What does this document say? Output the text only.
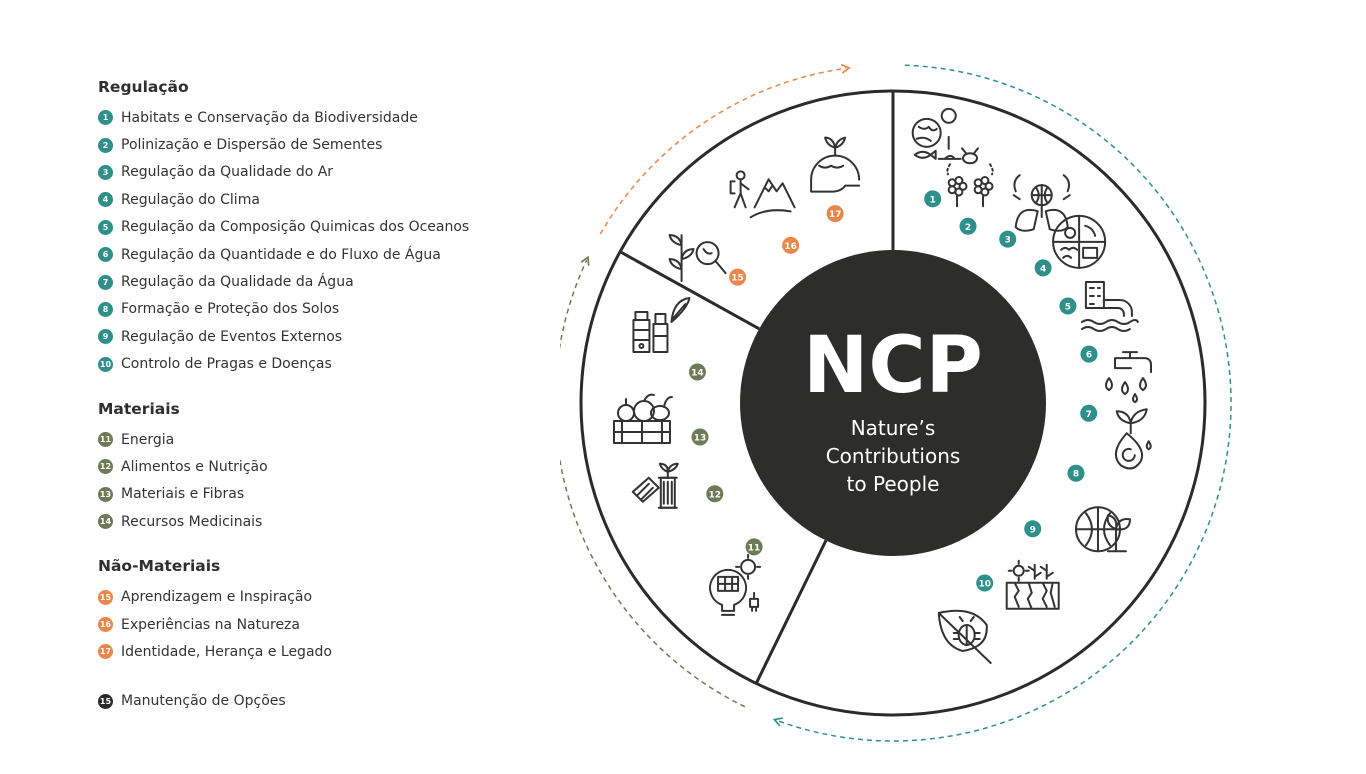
Regulação
1 Habitats e Conservação da Biodiversidade
2 Polinização e Dispersão de Sementes
3 Regulação da Qualidade do Ar
4 Regulação do Clima
5 Regulação da Composição Quimicas dos Oceanos
6 Regulação da Quantidade e do Fluxo de Água
7 Regulação da Qualidade da Água
8 Formação e Proteção dos Solos
9 Regulação de Eventos Externos
10 Controlo de Pragas e Doenças
Materiais
11 Energia
12 Alimentos e Nutrição
13 Materiais e Fibras
14 Recursos Medicinais
Não-Materiais
15 Aprendizagem e Inspiração
16 Experiências na Natureza
17 Identidade, Herança e Legado
15 Manutenção de Opções
1
2
3
4
5
6
7
8
9
10
11
12
13
14
15
16
17
NCP
Nature’s
Contributions
to People
